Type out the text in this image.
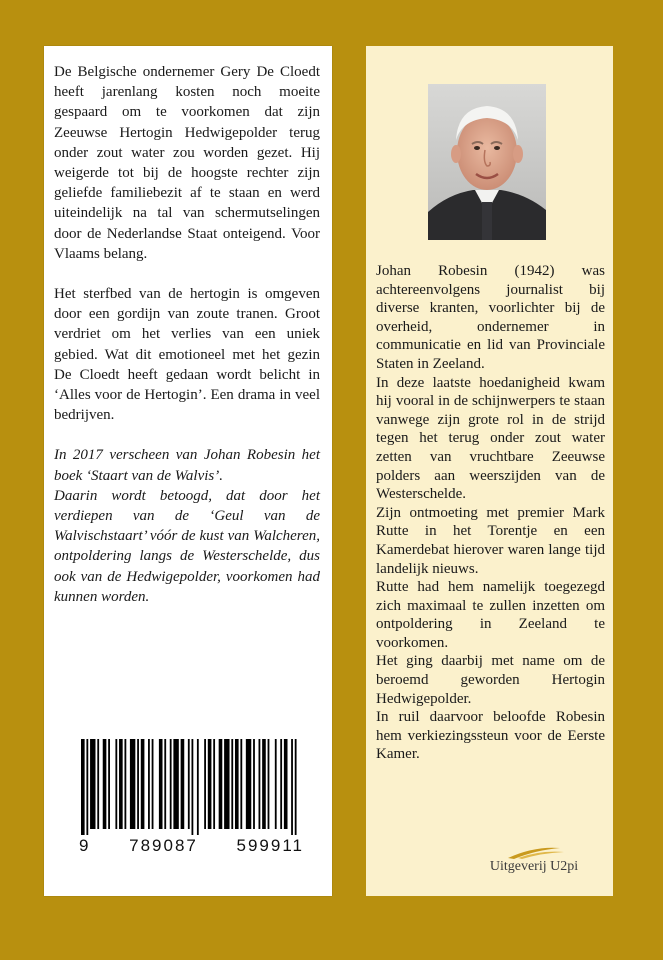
De Belgische ondernemer Gery De Cloedt heeft jarenlang kosten noch moeite gespaard om te voorkomen dat zijn Zeeuwse Hertogin Hedwigepolder terug onder zout water zou worden gezet. Hij weigerde tot bij de hoogste rechter zijn geliefde familiebezit af te staan en werd uiteindelijk na tal van schermutselingen door de Nederlandse Staat onteigend. Voor Vlaams belang.

Het sterfbed van de hertogin is omgeven door een gordijn van zoute tranen. Groot verdriet om het verlies van een uniek gebied. Wat dit emotioneel met het gezin De Cloedt heeft gedaan wordt belicht in ‘Alles voor de Hertogin’. Een drama in veel bedrijven.

In 2017 verscheen van Johan Robesin het boek ‘Staart van de Walvis’.

Daarin wordt betoogd, dat door het verdiepen van de ‘Geul van de Walvischstaart’ vóór de kust van Walcheren, ontpoldering langs de Westerschelde, dus ook van de Hedwigepolder, voorkomen had kunnen worden.

9 789087 599911

Johan Robesin (1942) was achtereenvolgens journalist bij diverse kranten, voorlichter bij de overheid, ondernemer in communicatie en lid van Provinciale Staten in Zeeland.

In deze laatste hoedanigheid kwam hij vooral in de schijnwerpers te staan vanwege zijn grote rol in de strijd tegen het terug onder zout water zetten van vruchtbare Zeeuwse polders aan weerszijden van de Westerschelde.

Zijn ontmoeting met premier Mark Rutte in het Torentje en een Kamerdebat hierover waren lange tijd landelijk nieuws.

Rutte had hem namelijk toegezegd zich maximaal te zullen inzetten om ontpoldering in Zeeland te voorkomen.

Het ging daarbij met name om de beroemd geworden Hertogin Hedwigepolder.

In ruil daarvoor beloofde Robesin hem verkiezingssteun voor de Eerste Kamer.

Uitgeverij U2pi
